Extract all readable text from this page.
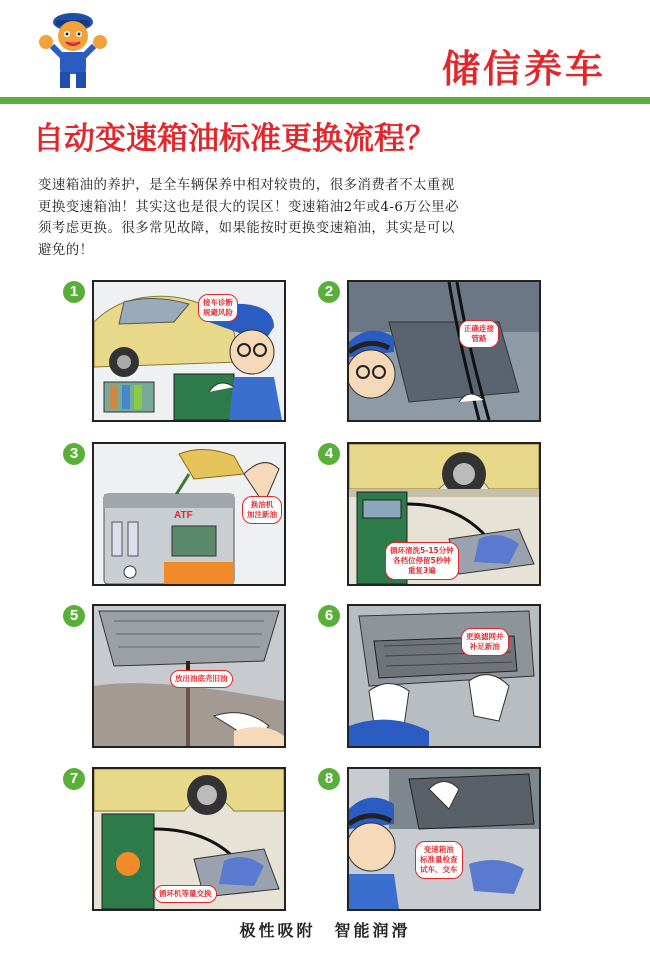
储信养车
自动变速箱油标准更换流程？
变速箱油的养护，是全车辆保养中相对较贵的，很多消费者不太重视
更换变速箱油！其实这也是很大的误区！变速箱油2年或4-6万公里必
须考虑更换。很多常见故障，如果能按时更换变速箱油，其实是可以
避免的！
1
接车诊断
规避风险
2
正确连接
管路
3
ATF
换油机
加注新油
4
循环清洗5-15分钟
各档位停留5秒钟
重复3遍
5
放出油底壳旧油
6
更换滤网并
补足新油
7
循环机等量交换
8
变速箱油
标准量检查
试车、交车
极性吸附　智能润滑
